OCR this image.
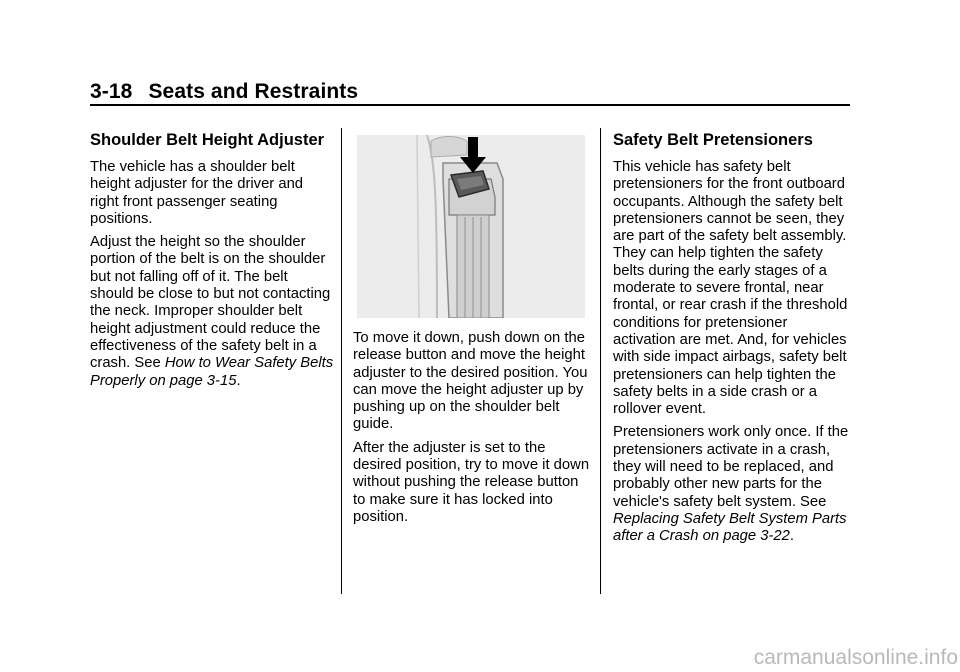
3-18 Seats and Restraints
Shoulder Belt Height Adjuster

The vehicle has a shoulder belt height adjuster for the driver and right front passenger seating positions.

Adjust the height so the shoulder portion of the belt is on the shoulder but not falling off of it. The belt should be close to but not contacting the neck. Improper shoulder belt height adjustment could reduce the effectiveness of the safety belt in a crash. See How to Wear Safety Belts Properly on page 3-15.

To move it down, push down on the release button and move the height adjuster to the desired position. You can move the height adjuster up by pushing up on the shoulder belt guide.

After the adjuster is set to the desired position, try to move it down without pushing the release button to make sure it has locked into position.

Safety Belt Pretensioners

This vehicle has safety belt pretensioners for the front outboard occupants. Although the safety belt pretensioners cannot be seen, they are part of the safety belt assembly. They can help tighten the safety belts during the early stages of a moderate to severe frontal, near frontal, or rear crash if the threshold conditions for pretensioner activation are met. And, for vehicles with side impact airbags, safety belt pretensioners can help tighten the safety belts in a side crash or a rollover event.

Pretensioners work only once. If the pretensioners activate in a crash, they will need to be replaced, and probably other new parts for the vehicle's safety belt system. See Replacing Safety Belt System Parts after a Crash on page 3-22.

carmanualsonline.info
